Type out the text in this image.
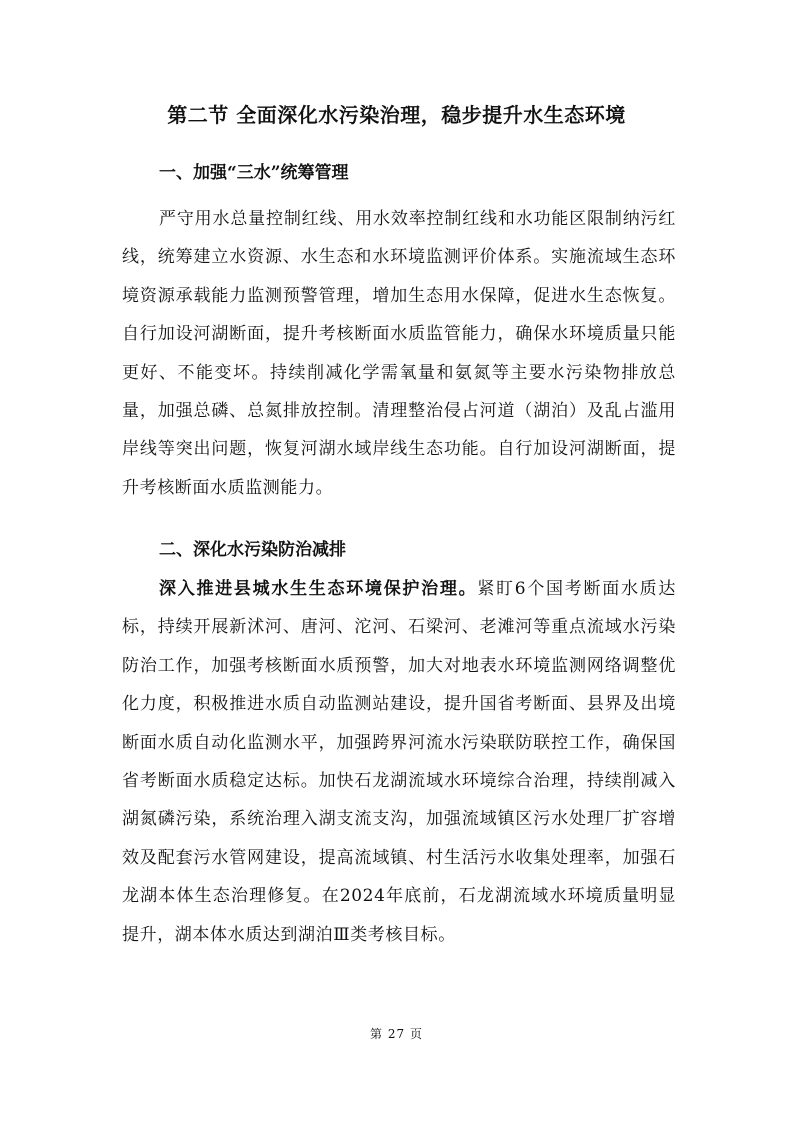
第二节 全面深化水污染治理，稳步提升水生态环境
一、加强“三水”统筹管理

严守用水总量控制红线、用水效率控制红线和水功能区限制纳污红线，统筹建立水资源、水生态和水环境监测评价体系。实施流域生态环境资源承载能力监测预警管理，增加生态用水保障，促进水生态恢复。自行加设河湖断面，提升考核断面水质监管能力，确保水环境质量只能更好、不能变坏。持续削减化学需氧量和氨氮等主要水污染物排放总量，加强总磷、总氮排放控制。清理整治侵占河道（湖泊）及乱占滥用岸线等突出问题，恢复河湖水域岸线生态功能。自行加设河湖断面，提升考核断面水质监测能力。

二、深化水污染防治减排

深入推进县城水生生态环境保护治理。紧盯6个国考断面水质达标，持续开展新沭河、唐河、沱河、石梁河、老滩河等重点流域水污染防治工作，加强考核断面水质预警，加大对地表水环境监测网络调整优化力度，积极推进水质自动监测站建设，提升国省考断面、县界及出境断面水质自动化监测水平，加强跨界河流水污染联防联控工作，确保国省考断面水质稳定达标。加快石龙湖流域水环境综合治理，持续削减入湖氮磷污染，系统治理入湖支流支沟，加强流域镇区污水处理厂扩容增效及配套污水管网建设，提高流域镇、村生活污水收集处理率，加强石龙湖本体生态治理修复。在2024年底前，石龙湖流域水环境质量明显提升，湖本体水质达到湖泊Ⅲ类考核目标。

第 27 页
